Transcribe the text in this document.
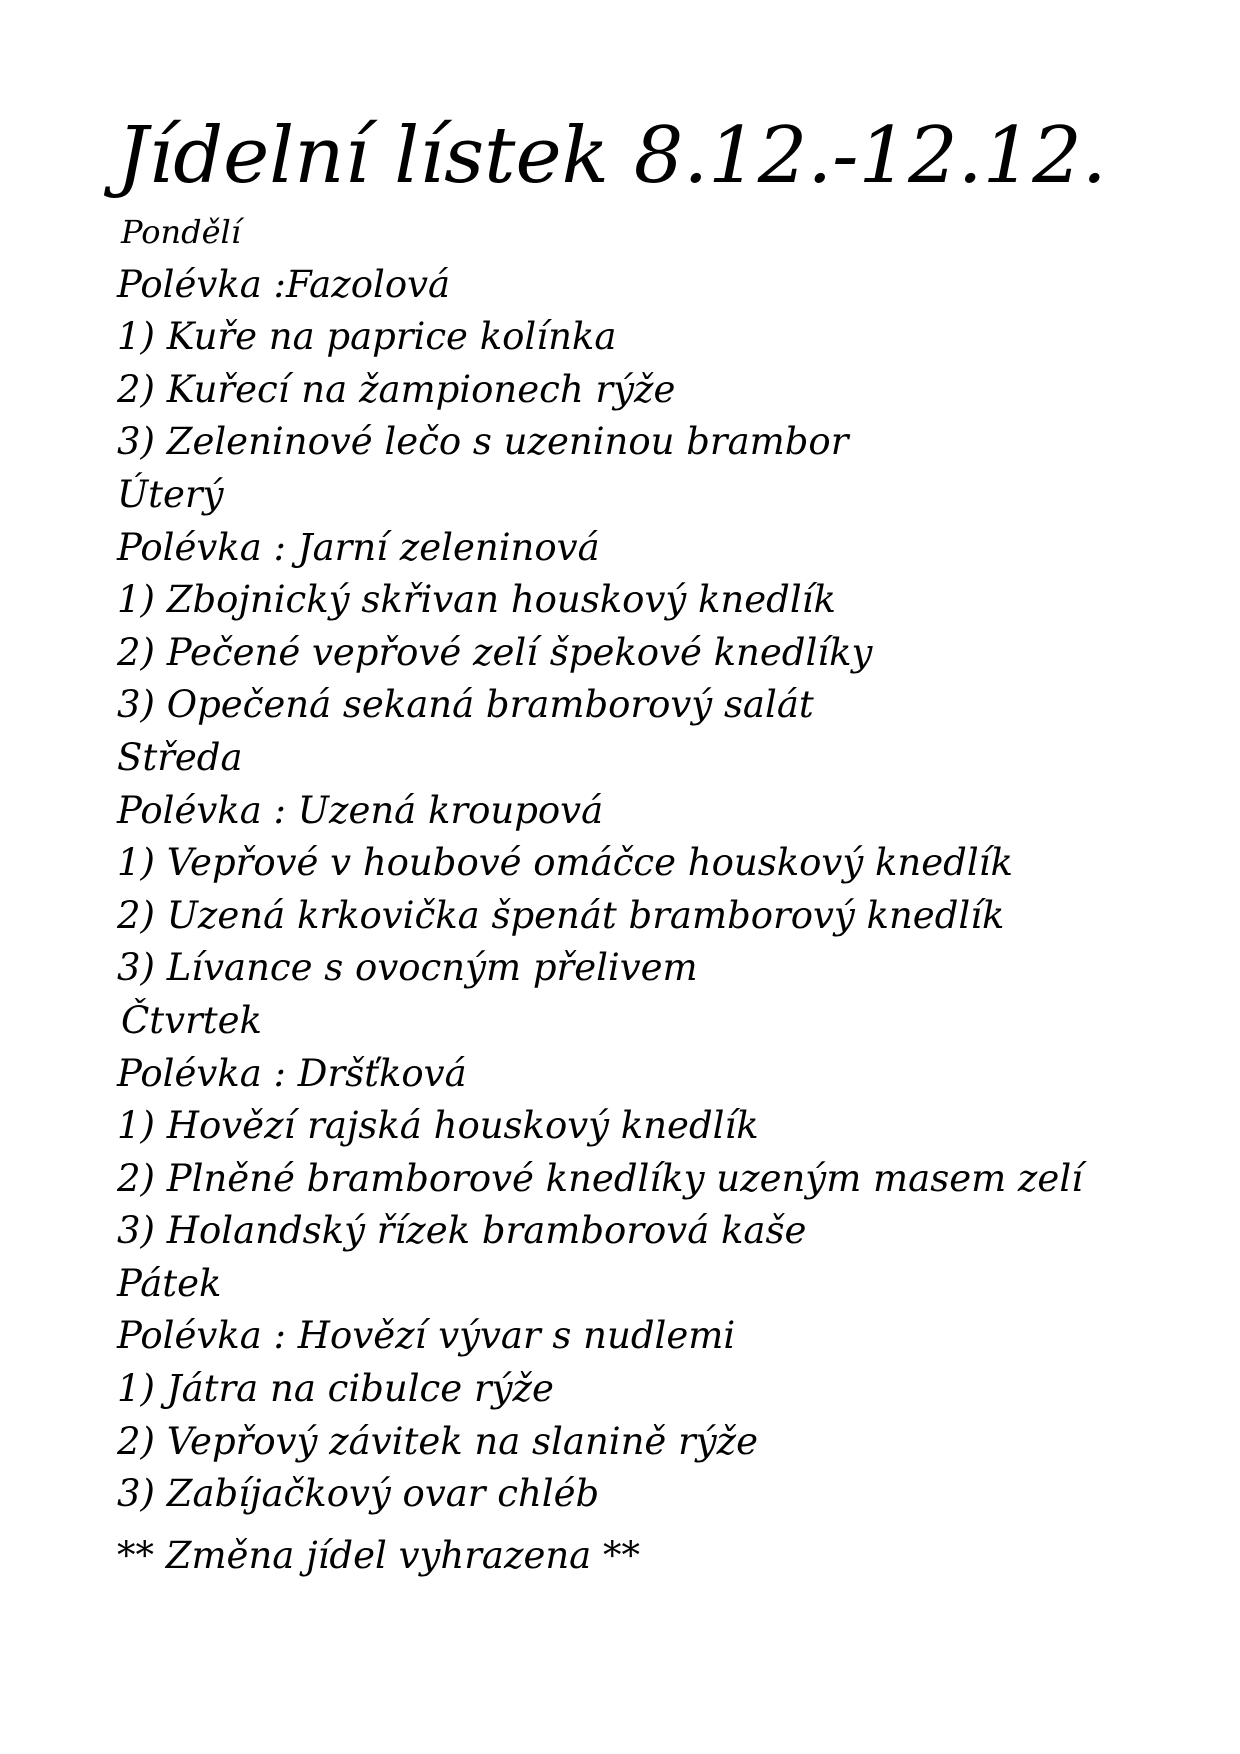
Jídelní lístek 8.12.-12.12.
Pondělí
Polévka :Fazolová
1) Kuře na paprice kolínka
2) Kuřecí na žampionech rýže
3) Zeleninové lečo s uzeninou brambor
Úterý
Polévka : Jarní zeleninová
1) Zbojnický skřivan houskový knedlík
2) Pečené vepřové zelí špekové knedlíky
3) Opečená sekaná bramborový salát
Středa
Polévka : Uzená kroupová
1) Vepřové v houbové omáčce houskový knedlík
2) Uzená krkovička špenát bramborový knedlík
3) Lívance s ovocným přelivem
Čtvrtek
Polévka : Dršťková
1) Hovězí rajská houskový knedlík
2) Plněné bramborové knedlíky uzeným masem zelí
3) Holandský řízek bramborová kaše
Pátek
Polévka : Hovězí vývar s nudlemi
1) Játra na cibulce rýže
2) Vepřový závitek na slanině rýže
3) Zabíjačkový ovar chléb
** Změna jídel vyhrazena **
